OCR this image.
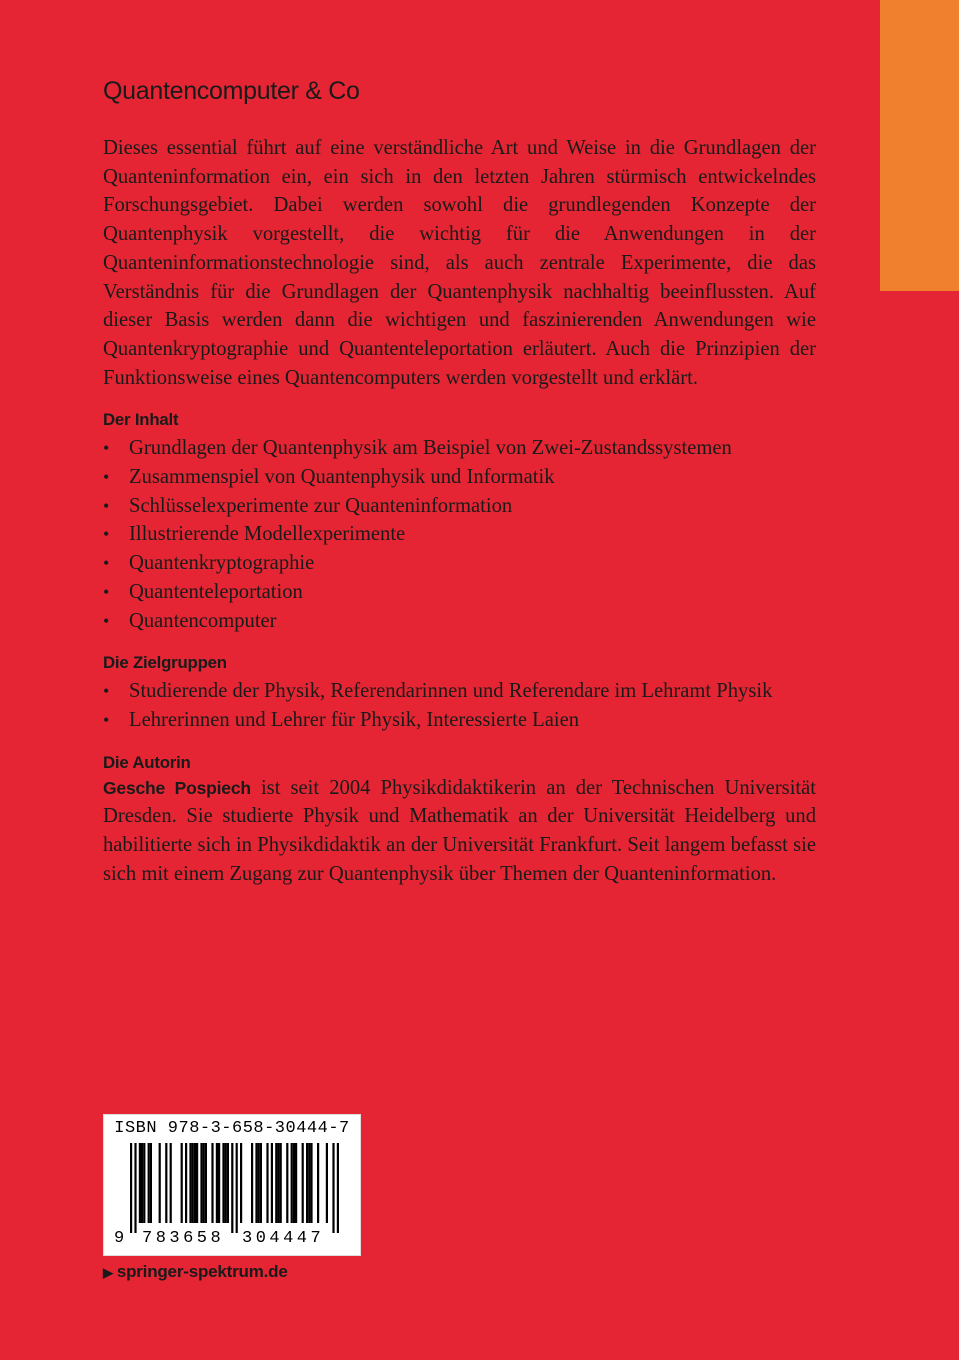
Quantencomputer & Co

Dieses essential führt auf eine verständliche Art und Weise in die Grundlagen der Quanteninformation ein, ein sich in den letzten Jahren stürmisch entwickelndes Forschungsgebiet. Dabei werden sowohl die grundlegenden Konzepte der Quantenphysik vorgestellt, die wichtig für die Anwendungen in der Quanteninformationstechnologie sind, als auch zentrale Experimente, die das Verständnis für die Grundlagen der Quantenphysik nachhaltig beeinflussten. Auf dieser Basis werden dann die wichtigen und faszinierenden Anwendungen wie Quantenkryptographie und Quantenteleportation erläutert. Auch die Prinzipien der Funktionsweise eines Quantencomputers werden vorgestellt und erklärt.

Der Inhalt
• Grundlagen der Quantenphysik am Beispiel von Zwei-Zustandssystemen
• Zusammenspiel von Quantenphysik und Informatik
• Schlüsselexperimente zur Quanteninformation
• Illustrierende Modellexperimente
• Quantenkryptographie
• Quantenteleportation
• Quantencomputer
Die Zielgruppen
• Studierende der Physik, Referendarinnen und Referendare im Lehramt Physik
• Lehrerinnen und Lehrer für Physik, Interessierte Laien
Die Autorin

Gesche Pospiech ist seit 2004 Physikdidaktikerin an der Technischen Universität Dresden. Sie studierte Physik und Mathematik an der Universität Heidelberg und habilitierte sich in Physikdidaktik an der Universität Frankfurt. Seit langem befasst sie sich mit einem Zugang zur Quantenphysik über Themen der Quanteninformation.

ISBN 978-3-658-30444-7
9 783658 304447
▶ springer-spektrum.de
